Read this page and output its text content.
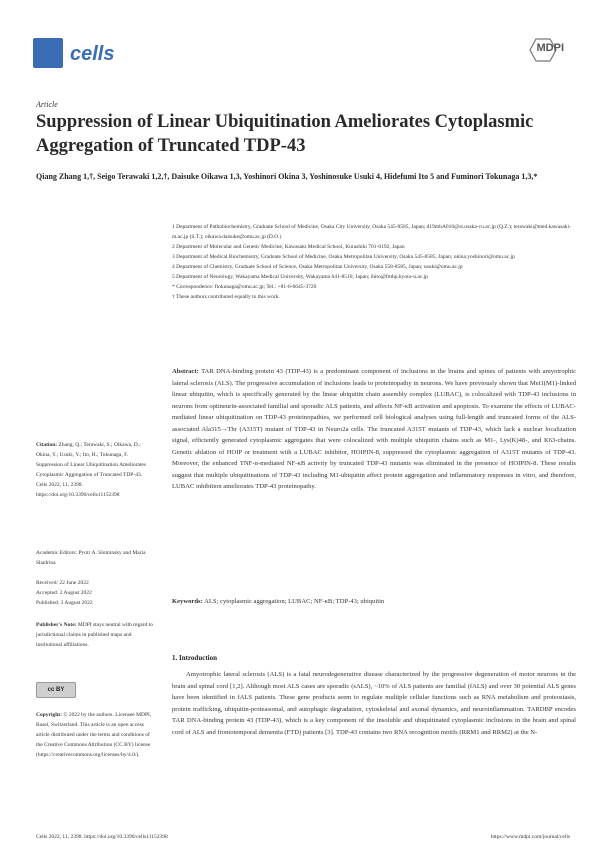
cells	MDPI
Article
Suppression of Linear Ubiquitination Ameliorates Cytoplasmic Aggregation of Truncated TDP-43
Qiang Zhang 1,†, Seigo Terawaki 1,2,†, Daisuke Oikawa 1,3, Yoshinori Okina 3, Yoshinosuke Usuki 4, Hidefumi Ito 5 and Fuminori Tokunaga 1,3,*

1 Department of Pathobiochemistry, Graduate School of Medicine, Osaka City University, Osaka 545-8585, Japan; d19mbA016@st.osaka-cu.ac.jp (Q.Z.); terawaki@med.kawasaki-m.ac.jp (S.T.); oikawa.daisuke@omu.ac.jp (D.O.)

2 Department of Molecular and Genetic Medicine, Kawasaki Medical School, Kurashiki 701-0192, Japan

3 Department of Medical Biochemistry, Graduate School of Medicine, Osaka Metropolitan University, Osaka 545-8585, Japan; okina.yoshinori@omu.ac.jp

4 Department of Chemistry, Graduate School of Science, Osaka Metropolitan University, Osaka 558-8585, Japan; usuki@omu.ac.jp

5 Department of Neurology, Wakayama Medical University, Wakayama 641-8510, Japan; ihito@fmhp.kyoto-u.ac.jp

* Correspondence: ftokunaga@omu.ac.jp; Tel.: +81-6-6645-3720

† These authors contributed equally to this work.

Abstract: TAR DNA-binding protein 43 (TDP-43) is a predominant component of inclusions in the brains and spines of patients with amyotrophic lateral sclerosis (ALS). The progressive accumulation of inclusions leads to proteinopathy in neurons. We have previously shown that Met1(M1)-linked linear ubiquitin, which is specifically generated by the linear ubiquitin chain assembly complex (LUBAC), is colocalized with TDP-43 inclusions in neurons from optineurin-associated familial and sporadic ALS patients, and affects NF-κB activation and apoptosis. To examine the effects of LUBAC-mediated linear ubiquitination on TDP-43 proteinopathies, we performed cell biological analyses using full-length and truncated forms of the ALS-associated Ala315→Thr (A315T) mutant of TDP-43 in Neuro2a cells. The truncated A315T mutants of TDP-43, which lack a nuclear localization signal, efficiently generated cytoplasmic aggregates that were colocalized with multiple ubiquitin chains such as M1-, Lys(K)48-, and K63-chains. Genetic ablation of HOIP or treatment with a LUBAC inhibitor, HOIPIN-8, suppressed the cytoplasmic aggregation of A315T mutants of TDP-43. Moreover, the enhanced TNF-α-mediated NF-κB activity by truncated TDP-43 mutants was eliminated in the presence of HOIPIN-8. These results suggest that multiple ubiquitinations of TDP-43 including M1-ubiquitin affect protein aggregation and inflammatory responses in vitro, and therefore, LUBAC inhibition ameliorates TDP-43 proteinopathy.
Keywords: ALS; cytoplasmic aggregation; LUBAC; NF-κB; TDP-43; ubiquitin
Citation: Zhang, Q.; Terawaki, S.; Oikawa, D.; Okina, Y.; Usuki, Y.; Ito, H.; Tokunaga, F. Suppression of Linear Ubiquitination Ameliorates Cytoplasmic Aggregation of Truncated TDP-43. Cells 2022, 11, 2398. https://doi.org/10.3390/cells11152398
Academic Editors: Pyotr A. Slominsky and Maria Shadrina
Received: 22 June 2022
Accepted: 2 August 2022
Published: 3 August 2022
Publisher's Note: MDPI stays neutral with regard to jurisdictional claims in published maps and institutional affiliations.
cc BY
Copyright: © 2022 by the authors. Licensee MDPI, Basel, Switzerland. This article is an open access article distributed under the terms and conditions of the Creative Commons Attribution (CC BY) license (https://creativecommons.org/licenses/by/4.0/).
1. Introduction
Amyotrophic lateral sclerosis (ALS) is a fatal neurodegenerative disease characterized by the progressive degeneration of motor neurons in the brain and spinal cord [1,2]. Although most ALS cases are sporadic (sALS), ~10% of ALS patients are familial (fALS) and over 30 potential ALS genes have been identified in fALS patients. These gene products seem to regulate multiple cellular functions such as RNA metabolism and proteostasis, protein trafficking, ubiquitin-proteasomal, and autophagic degradation, cytoskeletal and axonal dynamics, and neuroinflammation. TARDBP encodes TAR DNA-binding protein 43 (TDP-43), which is a key component of the insoluble and ubiquitinated cytoplasmic inclusions in the brain and spinal cord of ALS and frontotemporal dementia (FTD) patients [3]. TDP-43 contains two RNA recognition motifs (RRM1 and RRM2) at the N-
Cells 2022, 11, 2398. https://doi.org/10.3390/cells11152398	https://www.mdpi.com/journal/cells
